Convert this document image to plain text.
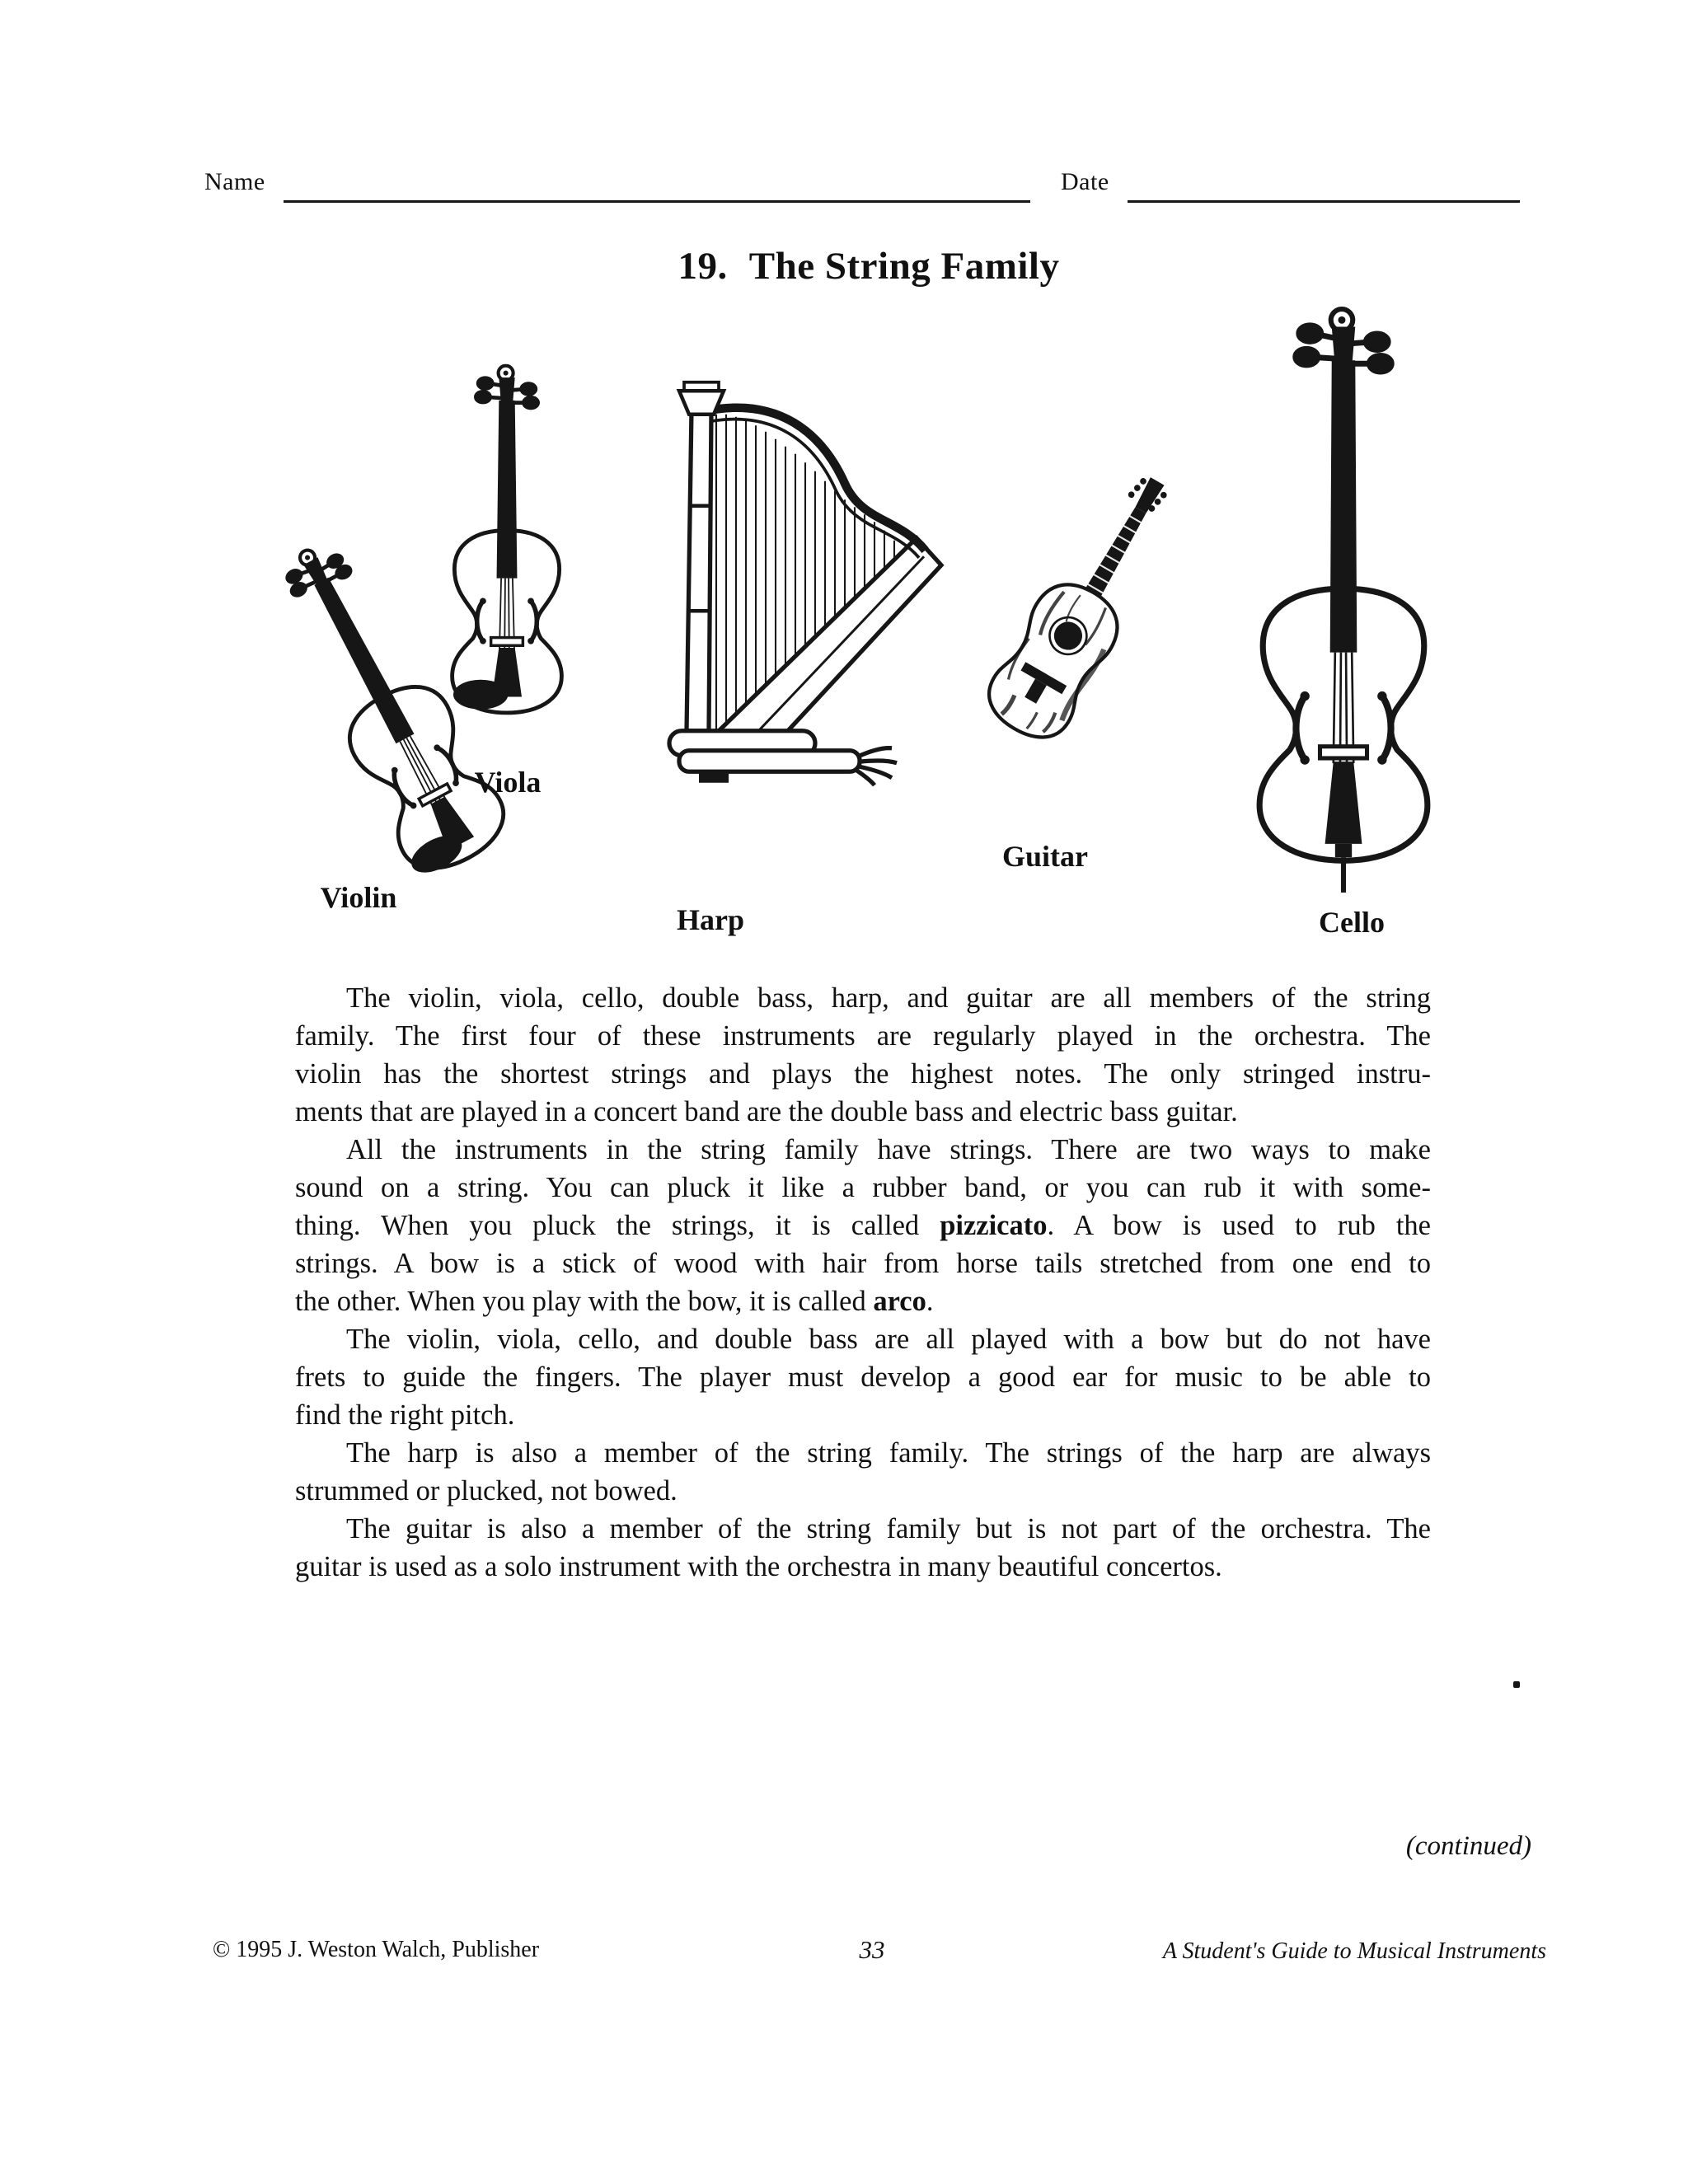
Name	Date
19. The String Family
Violin
Viola
Harp
Guitar
Cello
The violin, viola, cello, double bass, harp, and guitar are all members of the string
family. The first four of these instruments are regularly played in the orchestra. The
violin has the shortest strings and plays the highest notes. The only stringed instru-
ments that are played in a concert band are the double bass and electric bass guitar.
All the instruments in the string family have strings. There are two ways to make
sound on a string. You can pluck it like a rubber band, or you can rub it with some-
thing. When you pluck the strings, it is called pizzicato. A bow is used to rub the
strings. A bow is a stick of wood with hair from horse tails stretched from one end to
the other. When you play with the bow, it is called arco.
The violin, viola, cello, and double bass are all played with a bow but do not have
frets to guide the fingers. The player must develop a good ear for music to be able to
find the right pitch.
The harp is also a member of the string family. The strings of the harp are always
strummed or plucked, not bowed.
The guitar is also a member of the string family but is not part of the orchestra. The
guitar is used as a solo instrument with the orchestra in many beautiful concertos.
(continued)
© 1995 J. Weston Walch, Publisher	33	A Student's Guide to Musical Instruments
